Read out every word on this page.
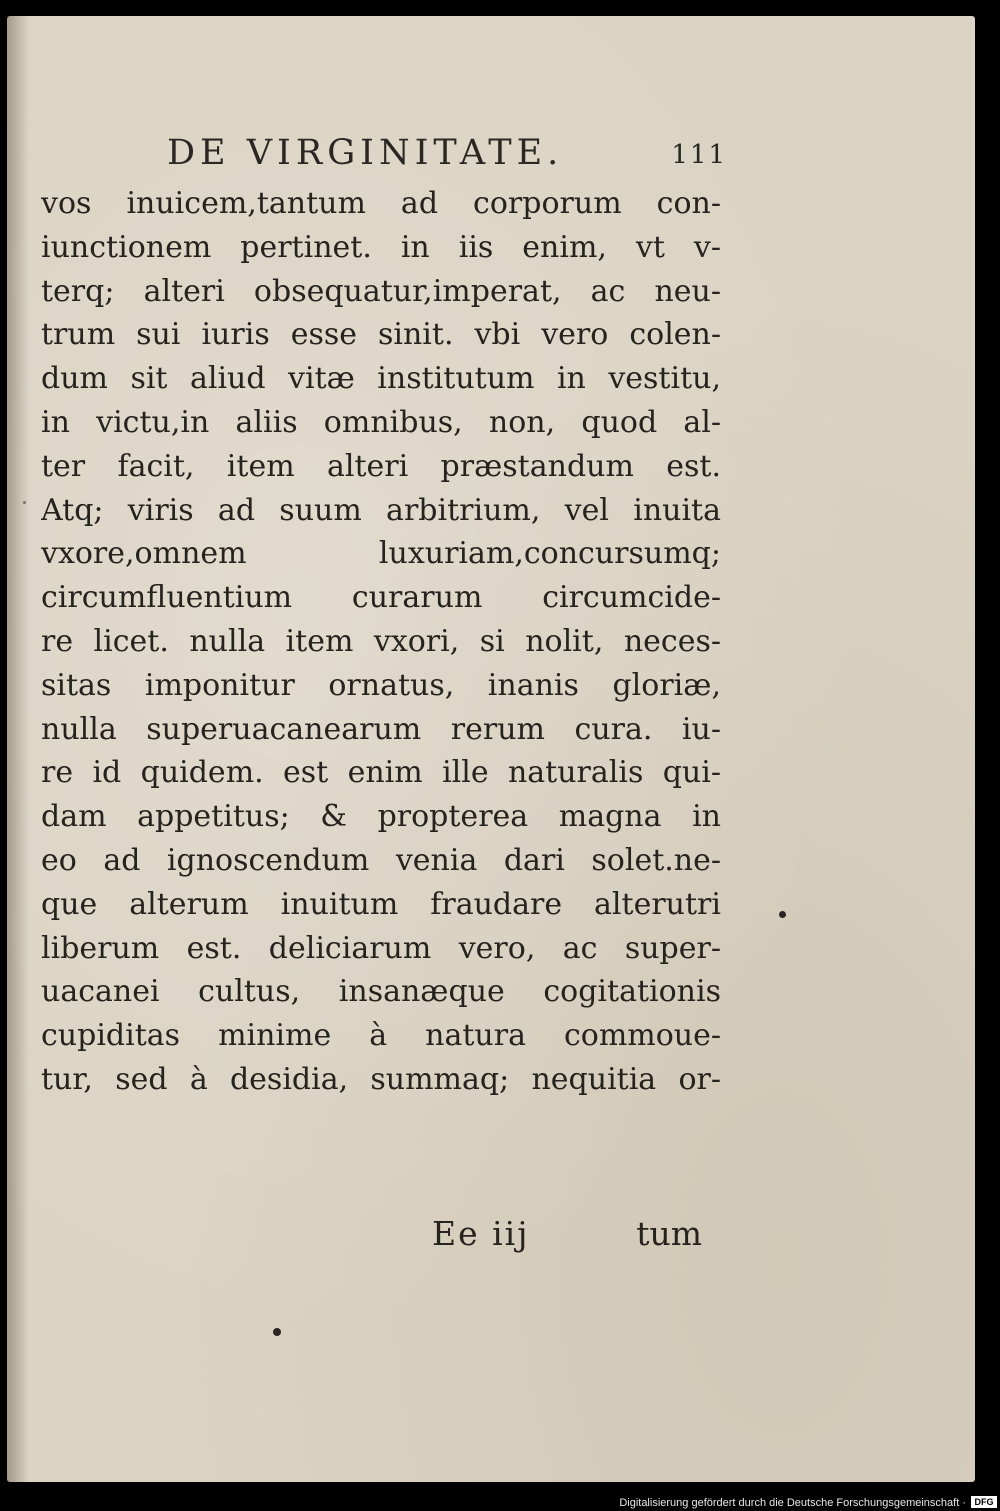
DE VIRGINITATE.	111
vos inuicem,tantum ad corporum con-
iunctionem pertinet. in iis enim, vt v-
terq; alteri obsequatur,imperat, ac neu-
trum sui iuris esse sinit. vbi vero colen-
dum sit aliud vitæ institutum in vestitu,
in victu,in aliis omnibus, non, quod al-
ter facit, item alteri præstandum est.
Atq; viris ad suum arbitrium, vel inuita
vxore,omnem luxuriam,concursumq;
circumfluentium curarum circumcide-
re licet. nulla item vxori, si nolit, neces-
sitas imponitur ornatus, inanis gloriæ,
nulla superuacanearum rerum cura. iu-
re id quidem. est enim ille naturalis qui-
dam appetitus; & propterea magna in
eo ad ignoscendum venia dari solet.ne-
que alterum inuitum fraudare alterutri
liberum est. deliciarum vero, ac super-
uacanei cultus, insanæque cogitationis
cupiditas minime à natura commoue-
tur, sed à desidia, summaq; nequitia or-
Ee iij	tum
Digitalisierung gefördert durch die Deutsche Forschungsgemeinschaft · DFG
